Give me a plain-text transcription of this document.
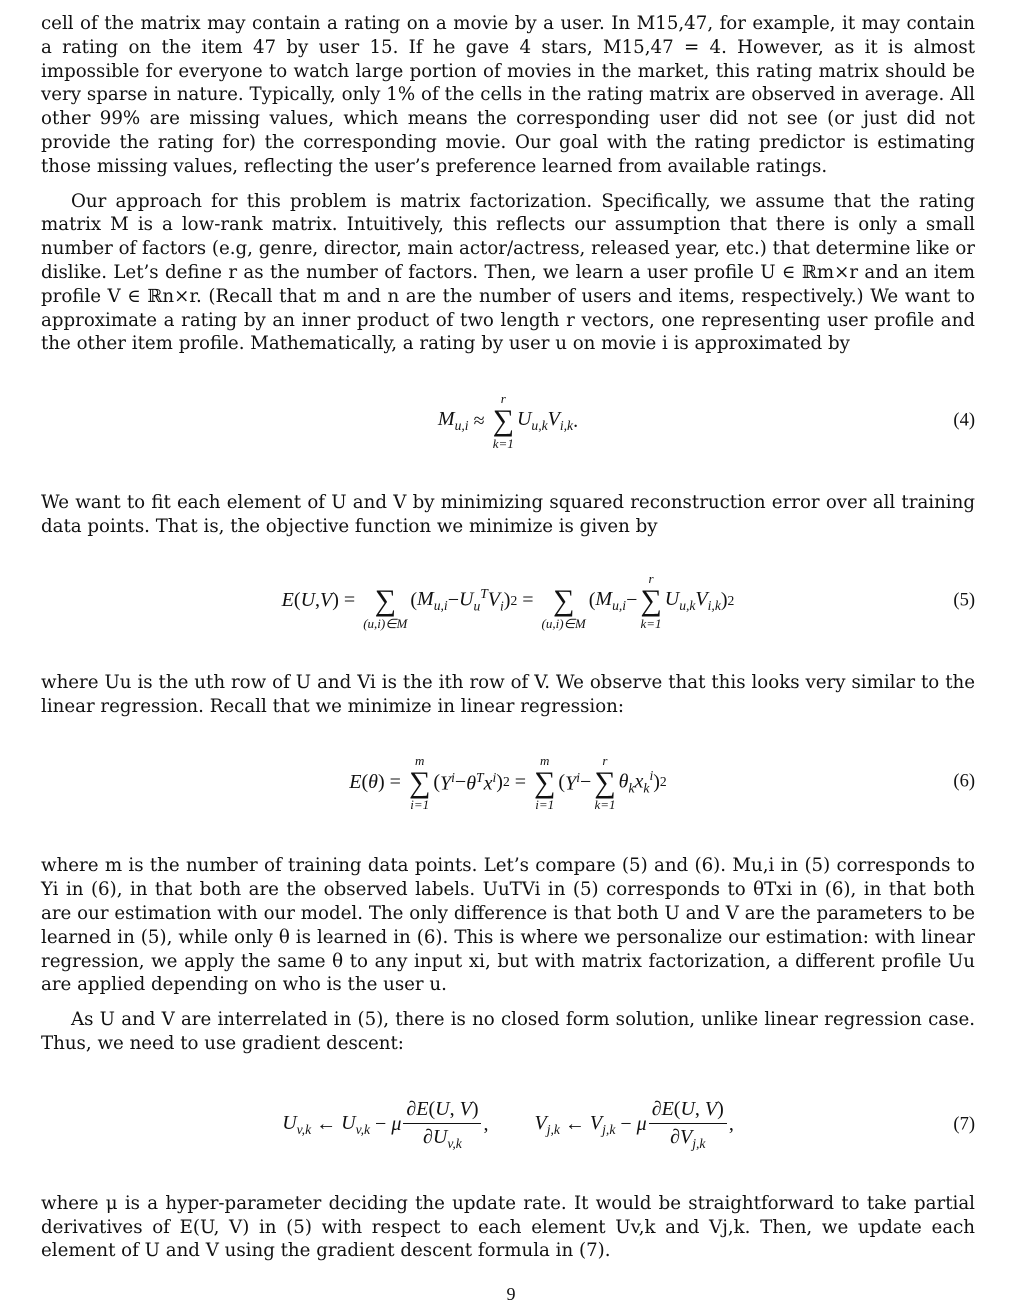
cell of the matrix may contain a rating on a movie by a user. In M15,47, for example, it may contain a rating on the item 47 by user 15. If he gave 4 stars, M15,47 = 4. However, as it is almost impossible for everyone to watch large portion of movies in the market, this rating matrix should be very sparse in nature. Typically, only 1% of the cells in the rating matrix are observed in average. All other 99% are missing values, which means the corresponding user did not see (or just did not provide the rating for) the corresponding movie. Our goal with the rating predictor is estimating those missing values, reflecting the user’s preference learned from available ratings.

Our approach for this problem is matrix factorization. Specifically, we assume that the rating matrix M is a low-rank matrix. Intuitively, this reflects our assumption that there is only a small number of factors (e.g, genre, director, main actor/actress, released year, etc.) that determine like or dislike. Let’s define r as the number of factors. Then, we learn a user profile U ∈ ℝm×r and an item profile V ∈ ℝn×r. (Recall that m and n are the number of users and items, respectively.) We want to approximate a rating by an inner product of two length r vectors, one representing user profile and the other item profile. Mathematically, a rating by user u on movie i is approximated by

$M_{u,i}$ ≈
r
∑
k=1
$U_{u,k}V_{i,k}$ .	(4)

We want to fit each element of U and V by minimizing squared reconstruction error over all training data points. That is, the objective function we minimize is given by

E ( U , V ) =
∑
(u,i)∈M
( $M_{u,i} - U_u^TV_i$ ) 2 =
∑
(u,i)∈M
( $M_{u,i}$ −
r
∑
k=1
$U_{u,k}V_{i,k}$ ) 2	(5)

where Uu is the uth row of U and Vi is the ith row of V. We observe that this looks very similar to the linear regression. Recall that we minimize in linear regression:

E ( θ ) =
m
∑
i=1
( $Y^i - \theta^Tx^i$ ) 2 =
m
∑
i=1
( $Y^i$ −
r
∑
k=1
$\theta_kx_k^i$ ) 2	(6)

where m is the number of training data points. Let’s compare (5) and (6). Mu,i in (5) corresponds to Yi in (6), in that both are the observed labels. UuTVi in (5) corresponds to θTxi in (6), in that both are our estimation with our model. The only difference is that both U and V are the parameters to be learned in (5), while only θ is learned in (6). This is where we personalize our estimation: with linear regression, we apply the same θ to any input xi, but with matrix factorization, a different profile Uu are applied depending on who is the user u.

As U and V are interrelated in (5), there is no closed form solution, unlike linear regression case. Thus, we need to use gradient descent:

$U_{v,k}$ ← $U_{v,k} - \mu \frac{\partial E(U, V)}{\partial U_{v,k}}$ , $V_{j,k}$ ← $V_{j,k} - \mu \frac{\partial E(U, V)}{\partial V_{j,k}}$ ,	(7)

where μ is a hyper-parameter deciding the update rate. It would be straightforward to take partial derivatives of E(U, V) in (5) with respect to each element Uv,k and Vj,k. Then, we update each element of U and V using the gradient descent formula in (7).

9
